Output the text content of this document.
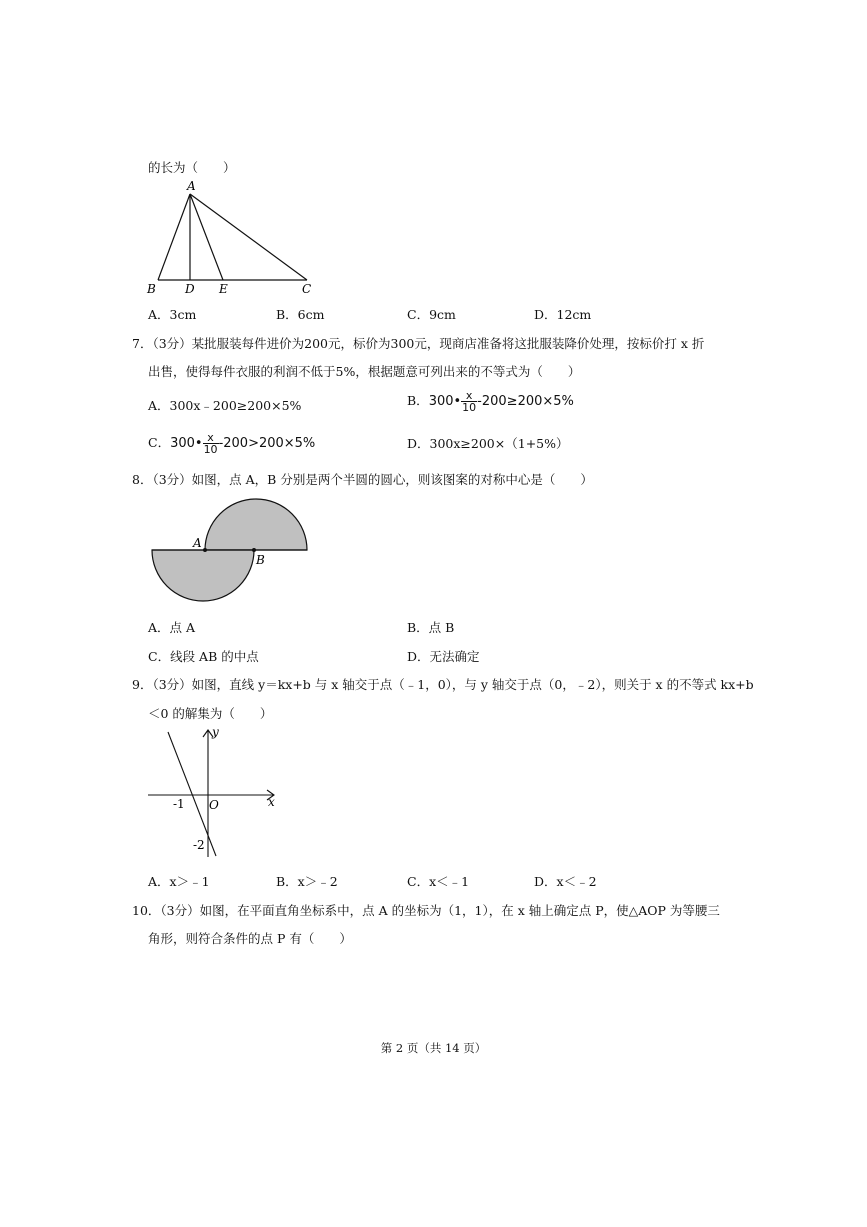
的长为（　　）
A
B D E	C
A．3cm	B．6cm	C．9cm	D．12cm
7．（3分）某批服装每件进价为200元，标价为300元，现商店准备将这批服装降价处理，按标价打 x 折
出售，使得每件衣服的利润不低于5%，根据题意可列出来的不等式为（　　）
A．300x﹣200≥200×5%	B．300• $\frac{x}{10} -200\ge 200\times 5\%$
C．300• $\frac{x}{10} -200>200\times 5\%$	D．300x≥200×（1+5%）
8．（3分）如图，点 A，B 分别是两个半圆的圆心，则该图案的对称中心是（　　）
A
B
A．点 A	B．点 B
C．线段 AB 的中点	D．无法确定
9．（3分）如图，直线 y＝kx+b 与 x 轴交于点（﹣1，0），与 y 轴交于点（0，﹣2），则关于 x 的不等式 kx+b
＜0 的解集为（　　）
y
x
-1 O
-2
A．x＞﹣1	B．x＞﹣2	C．x＜﹣1	D．x＜﹣2
10．（3分）如图，在平面直角坐标系中，点 A 的坐标为（1，1），在 x 轴上确定点 P，使△AOP 为等腰三
角形，则符合条件的点 P 有（　　）
第 2 页（共 14 页）
